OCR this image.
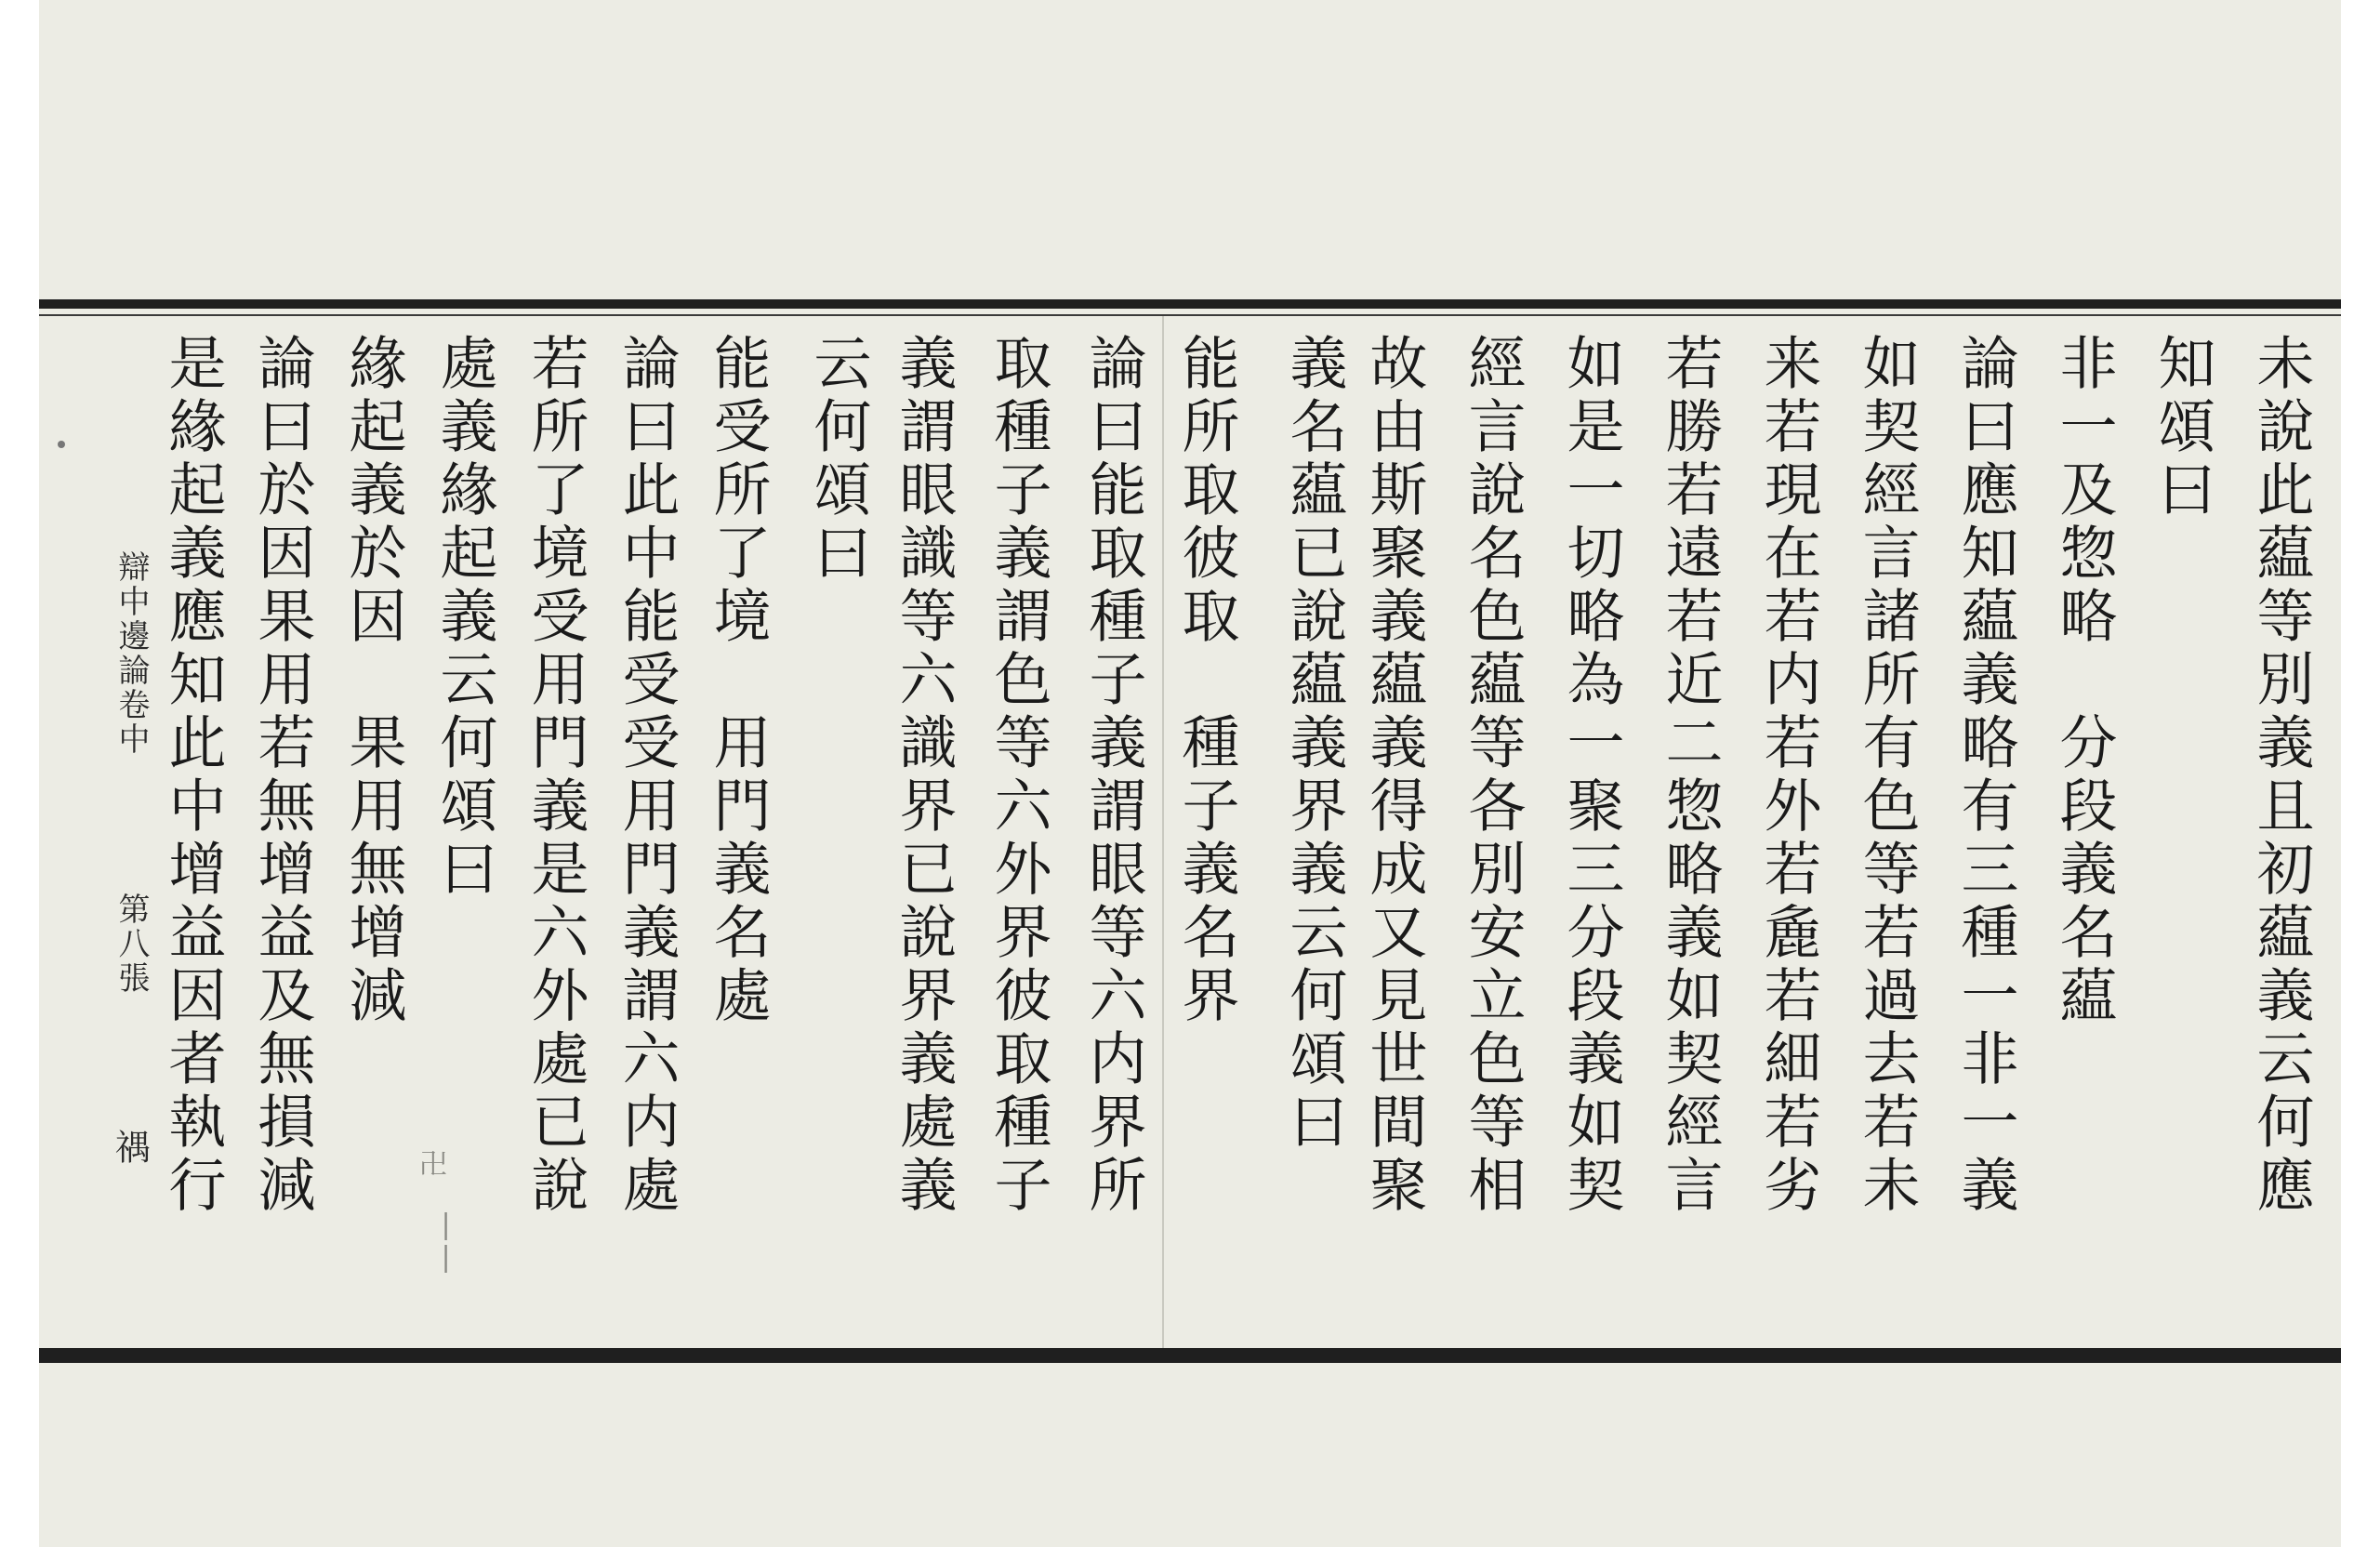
未說此藴等別義且初藴義云何應
知頌曰
非一及惣略　分段義名藴
論曰應知藴義略有三種一非一義
如契經言諸所有色等若過去若未
来若現在若内若外若麁若細若劣
若勝若遠若近二惣略義如契經言
如是一切略為一聚三分段義如契
經言說名色藴等各別安立色等相
故由斯聚義藴義得成又見世間聚
義名藴已說藴義界義云何頌曰
能所取彼取　種子義名界
論曰能取種子義謂眼等六内界所
取種子義謂色等六外界彼取種子
義謂眼識等六識界已說界義處義
云何頌曰
能受所了境　用門義名處
論曰此中能受受用門義謂六内處
若所了境受用門義是六外處已說
處義緣起義云何頌曰
緣起義於因　果用無增減
論曰於因果用若無增益及無損減
是緣起義應知此中增益因者執行
辯中邊論卷中
第八張
禑	卍
||
